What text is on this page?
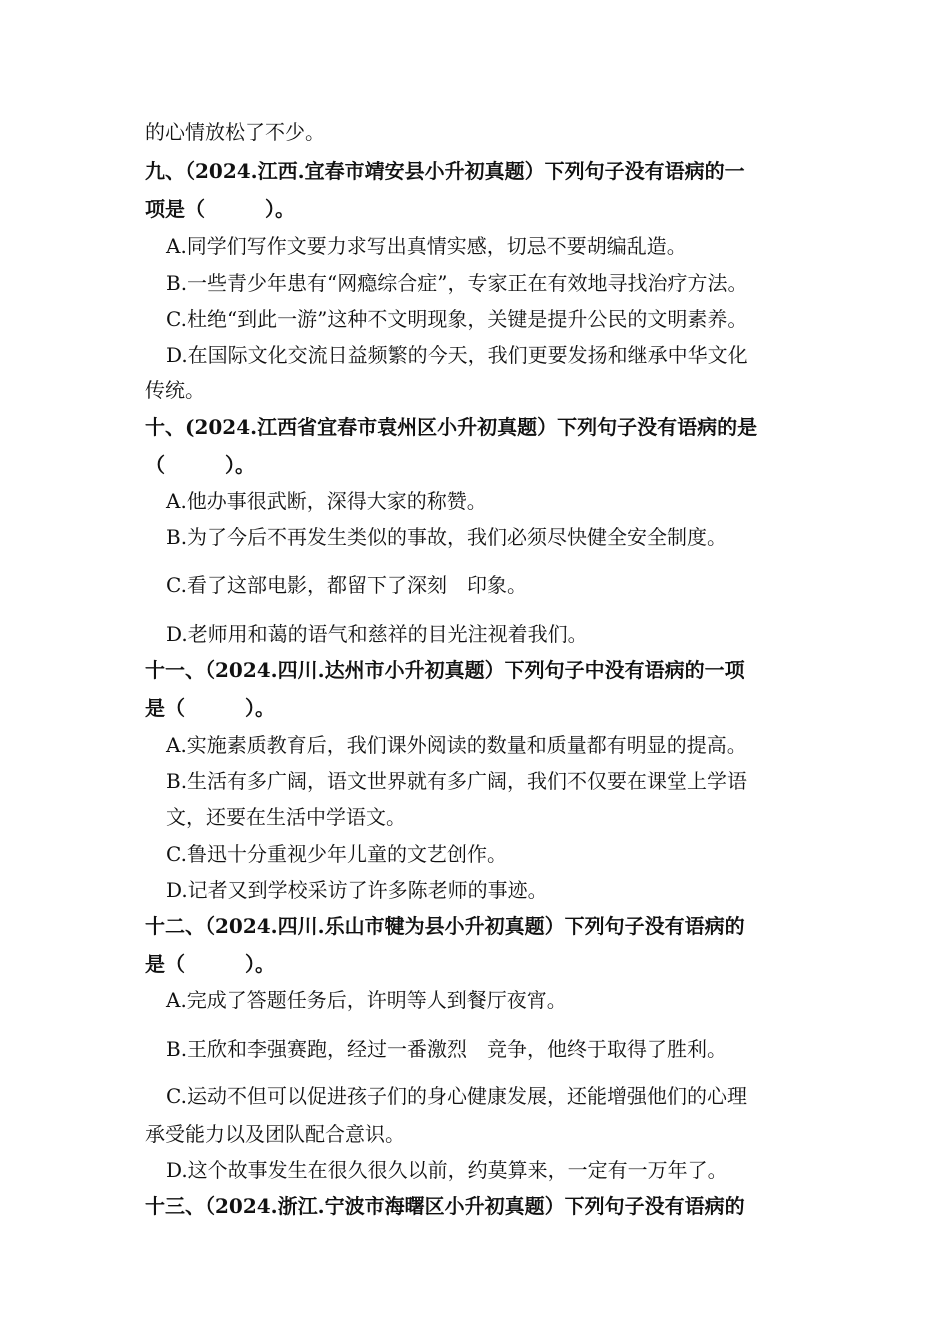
的心情放松了不少。
九、（2024.江西.宜春市靖安县小升初真题）下列句子没有语病的一
项是（　　　）。
A.同学们写作文要力求写出真情实感，切忌不要胡编乱造。
B.一些青少年患有“网瘾综合症”，专家正在有效地寻找治疗方法。
C.杜绝“到此一游”这种不文明现象，关键是提升公民的文明素养。
D.在国际文化交流日益频繁的今天，我们更要发扬和继承中华文化
传统。
十、(2024.江西省宜春市袁州区小升初真题）下列句子没有语病的是
（　　　）。
A.他办事很武断，深得大家的称赞。
B.为了今后不再发生类似的事故，我们必须尽快健全安全制度。
C.看了这部电影，都留下了深刻　印象。
D.老师用和蔼的语气和慈祥的目光注视着我们。
十一、（2024.四川.达州市小升初真题）下列句子中没有语病的一项
是（　　　）。
A.实施素质教育后，我们课外阅读的数量和质量都有明显的提高。
B.生活有多广阔，语文世界就有多广阔，我们不仅要在课堂上学语
文，还要在生活中学语文。
C.鲁迅十分重视少年儿童的文艺创作。
D.记者又到学校采访了许多陈老师的事迹。
十二、（2024.四川.乐山市犍为县小升初真题）下列句子没有语病的
是（　　　）。
A.完成了答题任务后，许明等人到餐厅夜宵。
B.王欣和李强赛跑，经过一番激烈　竞争，他终于取得了胜利。
C.运动不但可以促进孩子们的身心健康发展，还能增强他们的心理
承受能力以及团队配合意识。
D.这个故事发生在很久很久以前，约莫算来，一定有一万年了。
十三、（2024.浙江.宁波市海曙区小升初真题）下列句子没有语病的
